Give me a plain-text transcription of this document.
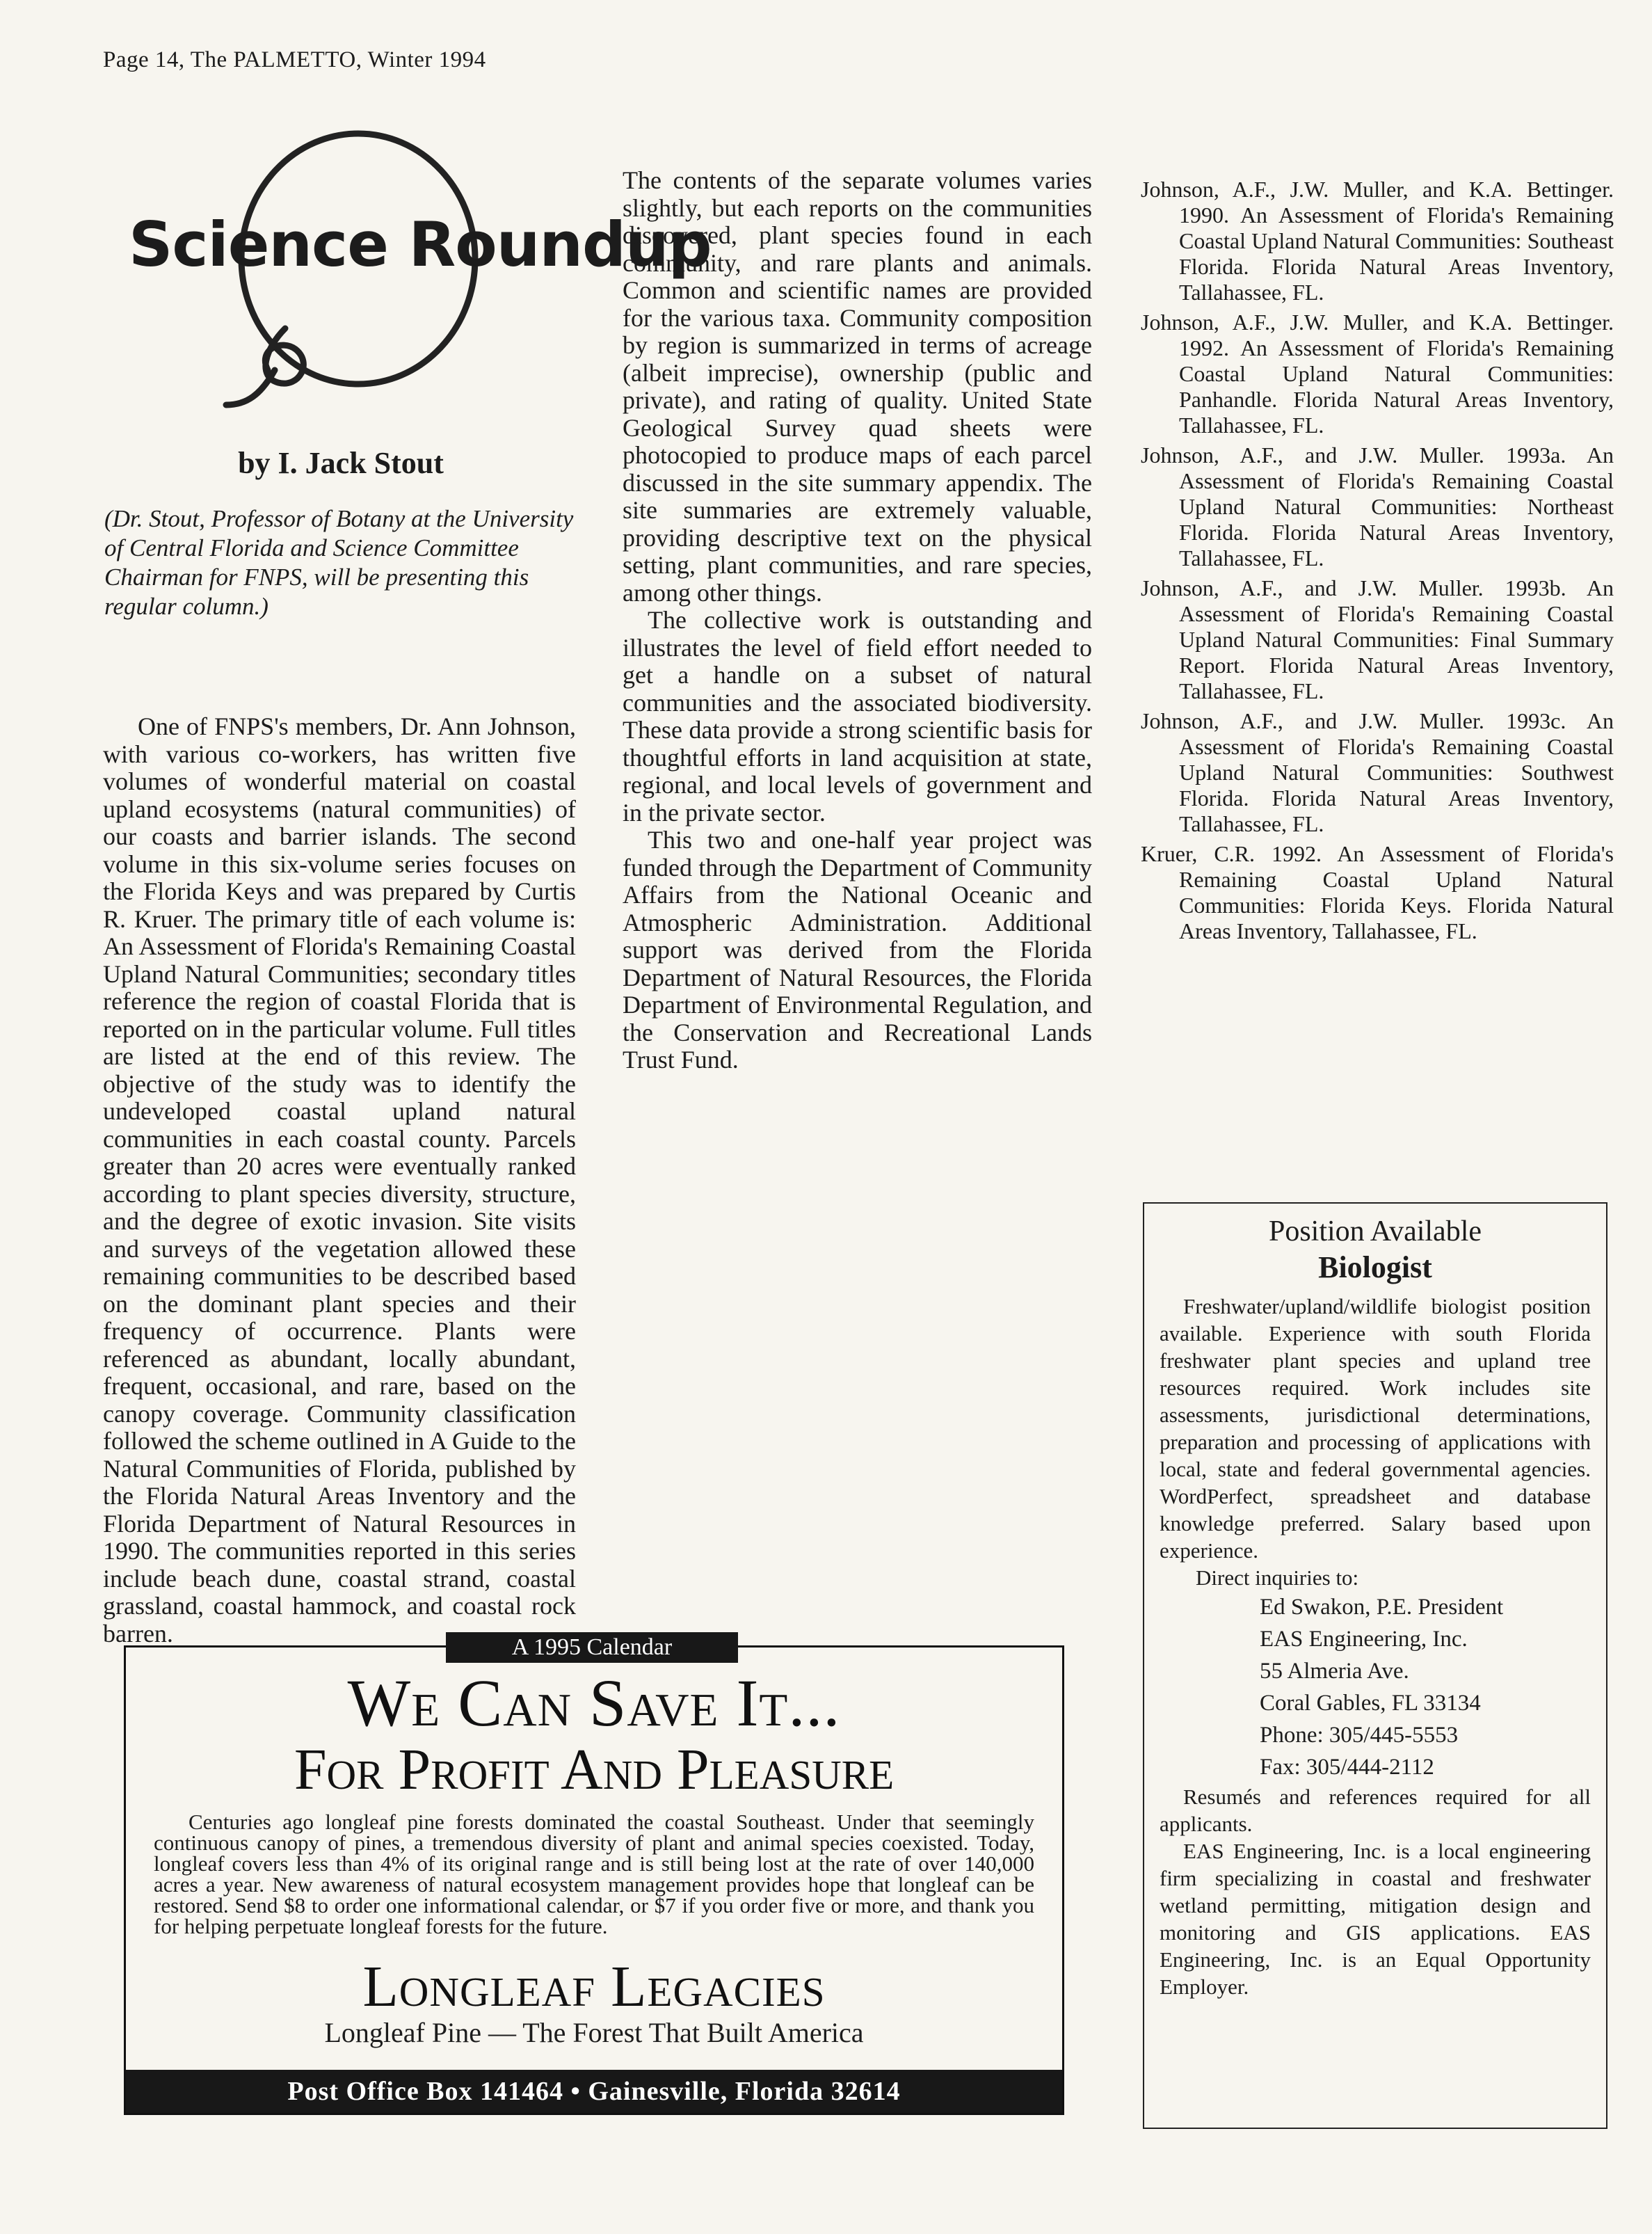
Page 14, The PALMETTO, Winter 1994
Science Roundup
by I. Jack Stout
(Dr. Stout, Professor of Botany at the University of Central Florida and Science Committee Chairman for FNPS, will be presenting this regular column.)

One of FNPS's members, Dr. Ann Johnson, with various co-workers, has written five volumes of wonderful material on coastal upland ecosystems (natural communities) of our coasts and barrier islands. The second volume in this six-volume series focuses on the Florida Keys and was prepared by Curtis R. Kruer. The primary title of each volume is: An Assessment of Florida's Remaining Coastal Upland Natural Communities; secondary titles reference the region of coastal Florida that is reported on in the particular volume. Full titles are listed at the end of this review. The objective of the study was to identify the undeveloped coastal upland natural communities in each coastal county. Parcels greater than 20 acres were eventually ranked according to plant species diversity, structure, and the degree of exotic invasion. Site visits and surveys of the vegetation allowed these remaining communities to be described based on the dominant plant species and their frequency of occurrence. Plants were referenced as abundant, locally abundant, frequent, occasional, and rare, based on the canopy coverage. Community classification followed the scheme outlined in A Guide to the Natural Communities of Florida, published by the Florida Natural Areas Inventory and the Florida Department of Natural Resources in 1990. The communities reported in this series include beach dune, coastal strand, coastal grassland, coastal hammock, and coastal rock barren.

The contents of the separate volumes varies slightly, but each reports on the communities discovered, plant species found in each community, and rare plants and animals. Common and scientific names are provided for the various taxa. Community composition by region is summarized in terms of acreage (albeit imprecise), ownership (public and private), and rating of quality. United State Geological Survey quad sheets were photocopied to produce maps of each parcel discussed in the site summary appendix. The site summaries are extremely valuable, providing descriptive text on the physical setting, plant communities, and rare species, among other things.

The collective work is outstanding and illustrates the level of field effort needed to get a handle on a subset of natural communities and the associated biodiversity. These data provide a strong scientific basis for thoughtful efforts in land acquisition at state, regional, and local levels of government and in the private sector.

This two and one-half year project was funded through the Department of Community Affairs from the National Oceanic and Atmospheric Administration. Additional support was derived from the Florida Department of Natural Resources, the Florida Department of Environmental Regulation, and the Conservation and Recreational Lands Trust Fund.

Johnson, A.F., J.W. Muller, and K.A. Bettinger. 1990. An Assessment of Florida's Remaining Coastal Upland Natural Communities: Southeast Florida. Florida Natural Areas Inventory, Tallahassee, FL.

Johnson, A.F., J.W. Muller, and K.A. Bettinger. 1992. An Assessment of Florida's Remaining Coastal Upland Natural Communities: Panhandle. Florida Natural Areas Inventory, Tallahassee, FL.

Johnson, A.F., and J.W. Muller. 1993a. An Assessment of Florida's Remaining Coastal Upland Natural Communities: Northeast Florida. Florida Natural Areas Inventory, Tallahassee, FL.

Johnson, A.F., and J.W. Muller. 1993b. An Assessment of Florida's Remaining Coastal Upland Natural Communities: Final Summary Report. Florida Natural Areas Inventory, Tallahassee, FL.

Johnson, A.F., and J.W. Muller. 1993c. An Assessment of Florida's Remaining Coastal Upland Natural Communities: Southwest Florida. Florida Natural Areas Inventory, Tallahassee, FL.

Kruer, C.R. 1992. An Assessment of Florida's Remaining Coastal Upland Natural Communities: Florida Keys. Florida Natural Areas Inventory, Tallahassee, FL.

Position Available
Biologist

Freshwater/upland/wildlife biologist position available. Experience with south Florida freshwater plant species and upland tree resources required. Work includes site assessments, jurisdictional determinations, preparation and processing of applications with local, state and federal governmental agencies. WordPerfect, spreadsheet and database knowledge preferred. Salary based upon experience.

Direct inquiries to:

Ed Swakon, P.E. President
EAS Engineering, Inc.
55 Almeria Ave.
Coral Gables, FL 33134
Phone: 305/445-5553
Fax: 305/444-2112

Resumés and references required for all applicants.

EAS Engineering, Inc. is a local engineering firm specializing in coastal and freshwater wetland permitting, mitigation design and monitoring and GIS applications. EAS Engineering, Inc. is an Equal Opportunity Employer.

A 1995 Calendar
We Can Save It...
For Profit And Pleasure
Centuries ago longleaf pine forests dominated the coastal Southeast. Under that seemingly continuous canopy of pines, a tremendous diversity of plant and animal species coexisted. Today, longleaf covers less than 4% of its original range and is still being lost at the rate of over 140,000 acres a year. New awareness of natural ecosystem management provides hope that longleaf can be restored. Send $8 to order one informational calendar, or $7 if you order five or more, and thank you for helping perpetuate longleaf forests for the future.
Longleaf Legacies
Longleaf Pine — The Forest That Built America
Post Office Box 141464 • Gainesville, Florida 32614
